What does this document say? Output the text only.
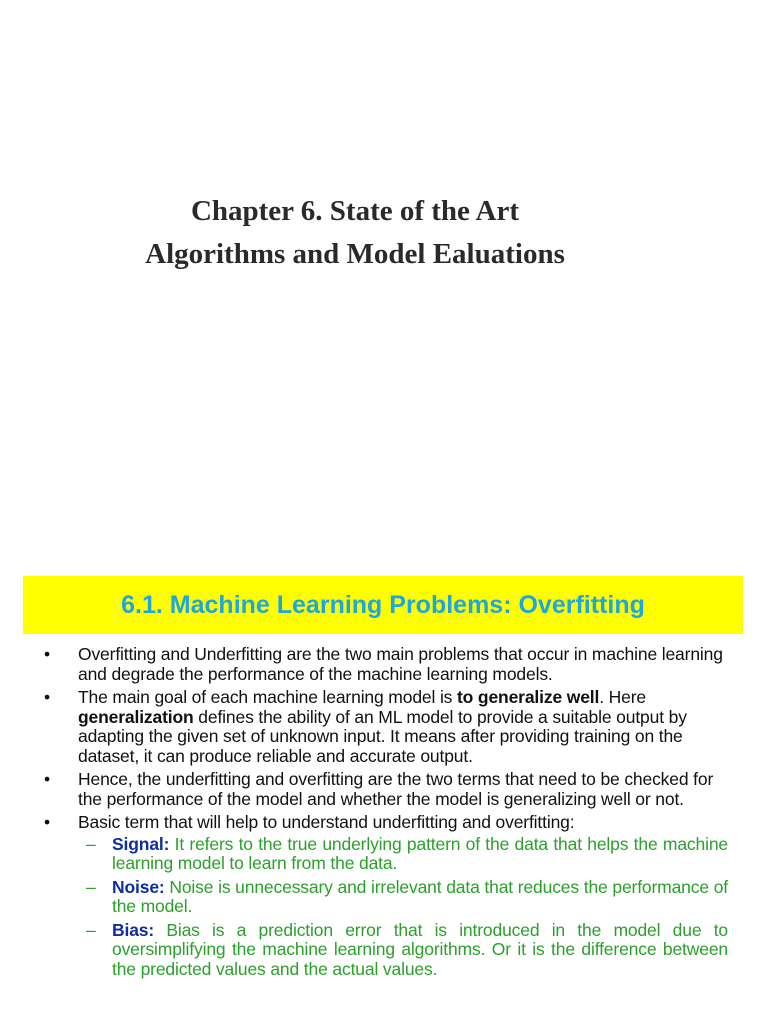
Chapter 6. State of the Art
Algorithms and Model Ealuations
6.1. Machine Learning Problems: Overfitting
•	Overfitting and Underfitting are the two main problems that occur in machine learning and degrade the performance of the machine learning models.
•	The main goal of each machine learning model is to generalize well. Here generalization defines the ability of an ML model to provide a suitable output by adapting the given set of unknown input. It means after providing training on the dataset, it can produce reliable and accurate output.
•	Hence, the underfitting and overfitting are the two terms that need to be checked for the performance of the model and whether the model is generalizing well or not.
•	Basic term that will help to understand underfitting and overfitting:
– Signal: It refers to the true underlying pattern of the data that helps the machine learning model to learn from the data.
– Noise: Noise is unnecessary and irrelevant data that reduces the performance of the model.
– Bias: Bias is a prediction error that is introduced in the model due to oversimplifying the machine learning algorithms. Or it is the difference between the predicted values and the actual values.
